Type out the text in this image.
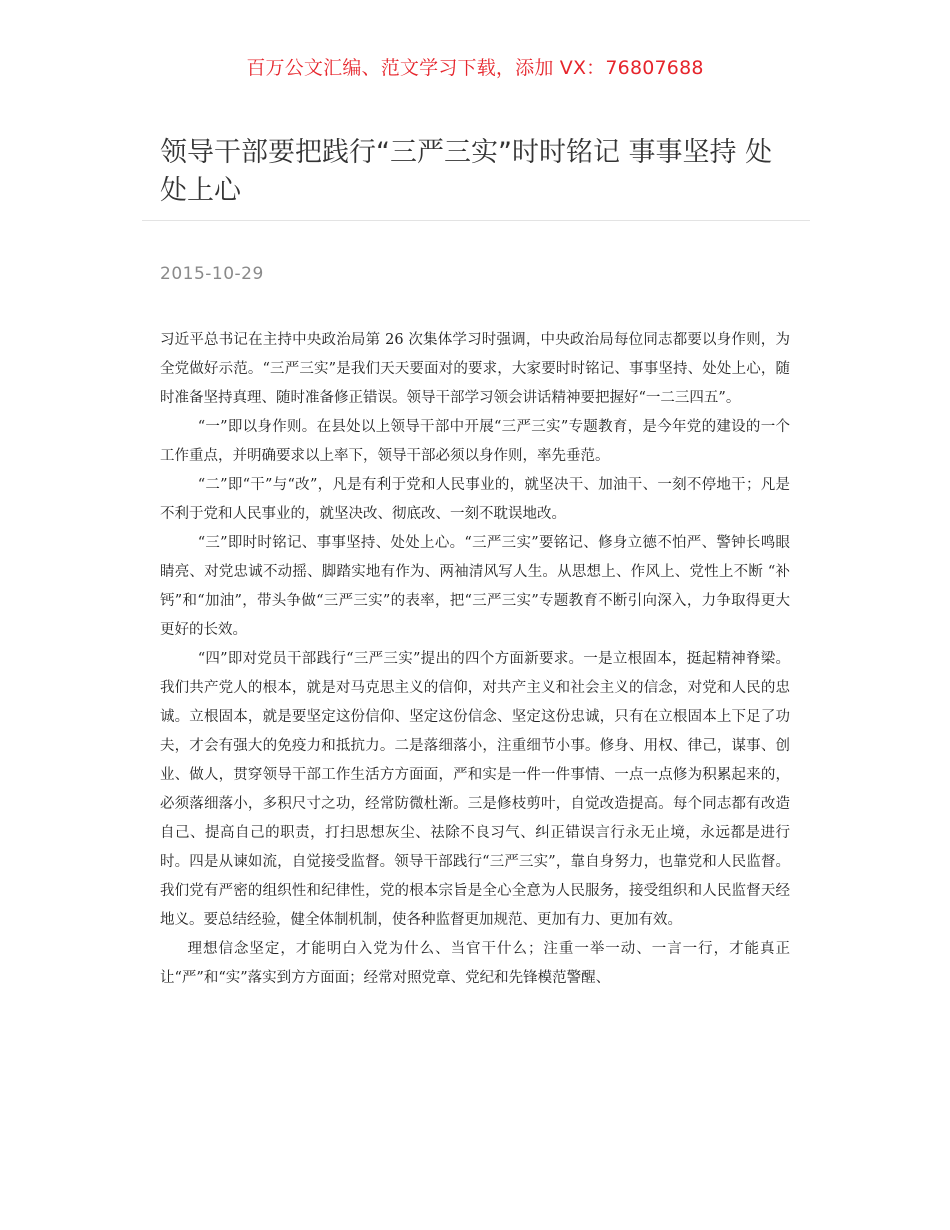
百万公文汇编、范文学习下载，添加 VX：76807688
领导干部要把践行“三严三实”时时铭记 事事坚持 处处上心
2015-10-29

习近平总书记在主持中央政治局第 26 次集体学习时强调，中央政治局每位同志都要以身作则，为全党做好示范。“三严三实”是我们天天要面对的要求，大家要时时铭记、事事坚持、处处上心，随时准备坚持真理、随时准备修正错误。领导干部学习领会讲话精神要把握好“一二三四五”。

“一”即以身作则。在县处以上领导干部中开展“三严三实”专题教育，是今年党的建设的一个工作重点，并明确要求以上率下，领导干部必须以身作则，率先垂范。

“二”即“干”与“改”，凡是有利于党和人民事业的，就坚决干、加油干、一刻不停地干；凡是不利于党和人民事业的，就坚决改、彻底改、一刻不耽误地改。

“三”即时时铭记、事事坚持、处处上心。“三严三实”要铭记、修身立德不怕严、警钟长鸣眼睛亮、对党忠诚不动摇、脚踏实地有作为、两袖清风写人生。从思想上、作风上、党性上不断 “补钙”和“加油”，带头争做“三严三实”的表率，把“三严三实”专题教育不断引向深入，力争取得更大更好的长效。

“四”即对党员干部践行“三严三实”提出的四个方面新要求。一是立根固本，挺起精神脊梁。我们共产党人的根本，就是对马克思主义的信仰，对共产主义和社会主义的信念，对党和人民的忠诚。立根固本，就是要坚定这份信仰、坚定这份信念、坚定这份忠诚，只有在立根固本上下足了功夫，才会有强大的免疫力和抵抗力。二是落细落小，注重细节小事。修身、用权、律己，谋事、创业、做人，贯穿领导干部工作生活方方面面，严和实是一件一件事情、一点一点修为积累起来的，必须落细落小，多积尺寸之功，经常防微杜渐。三是修枝剪叶，自觉改造提高。每个同志都有改造自己、提高自己的职责，打扫思想灰尘、祛除不良习气、纠正错误言行永无止境，永远都是进行时。四是从谏如流，自觉接受监督。领导干部践行“三严三实”，靠自身努力，也靠党和人民监督。我们党有严密的组织性和纪律性，党的根本宗旨是全心全意为人民服务，接受组织和人民监督天经地义。要总结经验，健全体制机制，使各种监督更加规范、更加有力、更加有效。

理想信念坚定，才能明白入党为什么、当官干什么；注重一举一动、一言一行，才能真正让“严”和“实”落实到方方面面；经常对照党章、党纪和先锋模范警醒、
